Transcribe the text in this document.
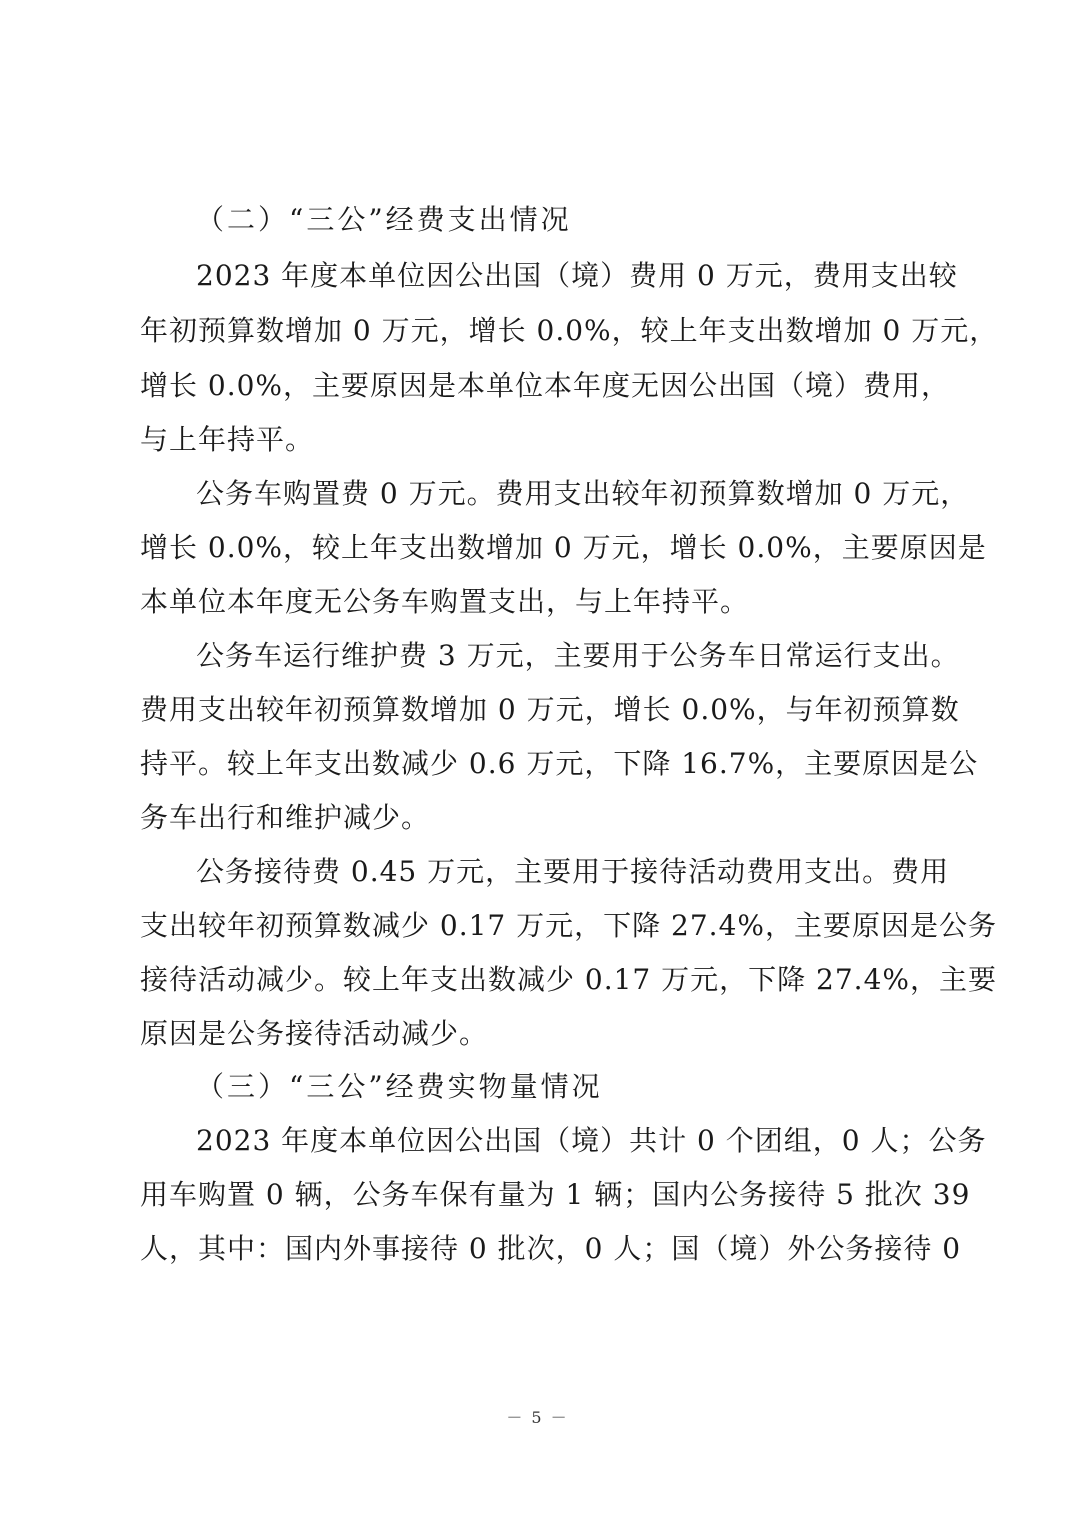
（二）“三公”经费支出情况
2023 年度本单位因公出国（境）费用 0 万元，费用支出较
年初预算数增加 0 万元，增长 0.0%，较上年支出数增加 0 万元，
增长 0.0%，主要原因是本单位本年度无因公出国（境）费用，
与上年持平。
公务车购置费 0 万元。费用支出较年初预算数增加 0 万元，
增长 0.0%，较上年支出数增加 0 万元，增长 0.0%，主要原因是
本单位本年度无公务车购置支出，与上年持平。
公务车运行维护费 3 万元，主要用于公务车日常运行支出。
费用支出较年初预算数增加 0 万元，增长 0.0%，与年初预算数
持平。较上年支出数减少 0.6 万元，下降 16.7%，主要原因是公
务车出行和维护减少。
公务接待费 0.45 万元，主要用于接待活动费用支出。费用
支出较年初预算数减少 0.17 万元，下降 27.4%，主要原因是公务
接待活动减少。较上年支出数减少 0.17 万元，下降 27.4%，主要
原因是公务接待活动减少。
（三）“三公”经费实物量情况
2023 年度本单位因公出国（境）共计 0 个团组，0 人；公务
用车购置 0 辆，公务车保有量为 1 辆；国内公务接待 5 批次 39
人，其中：国内外事接待 0 批次，0 人；国（境）外公务接待 0
－ 5 －
